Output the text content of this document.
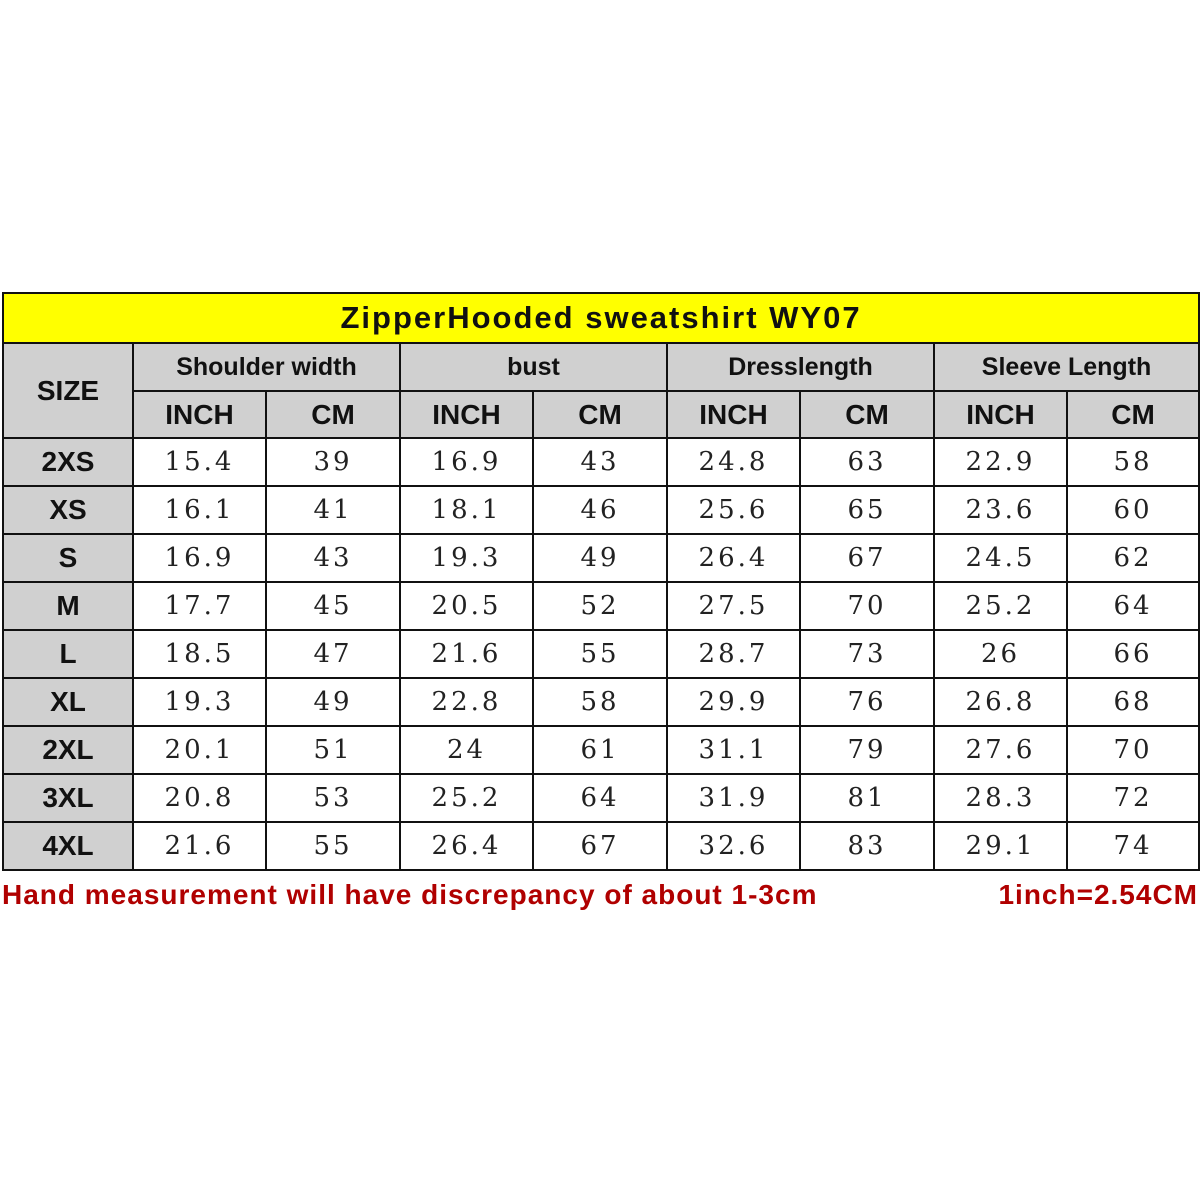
ZipperHooded sweatshirt WY07								
SIZE	Shoulder width		bust		Dresslength		Sleeve Length	
	INCH	CM	INCH	CM	INCH	CM	INCH	CM
2XS	15.4	39	16.9	43	24.8	63	22.9	58
XS	16.1	41	18.1	46	25.6	65	23.6	60
S	16.9	43	19.3	49	26.4	67	24.5	62
M	17.7	45	20.5	52	27.5	70	25.2	64
L	18.5	47	21.6	55	28.7	73	26	66
XL	19.3	49	22.8	58	29.9	76	26.8	68
2XL	20.1	51	24	61	31.1	79	27.6	70
3XL	20.8	53	25.2	64	31.9	81	28.3	72
4XL	21.6	55	26.4	67	32.6	83	29.1	74
Hand measurement will have discrepancy of about 1-3cm	1inch=2.54CM
